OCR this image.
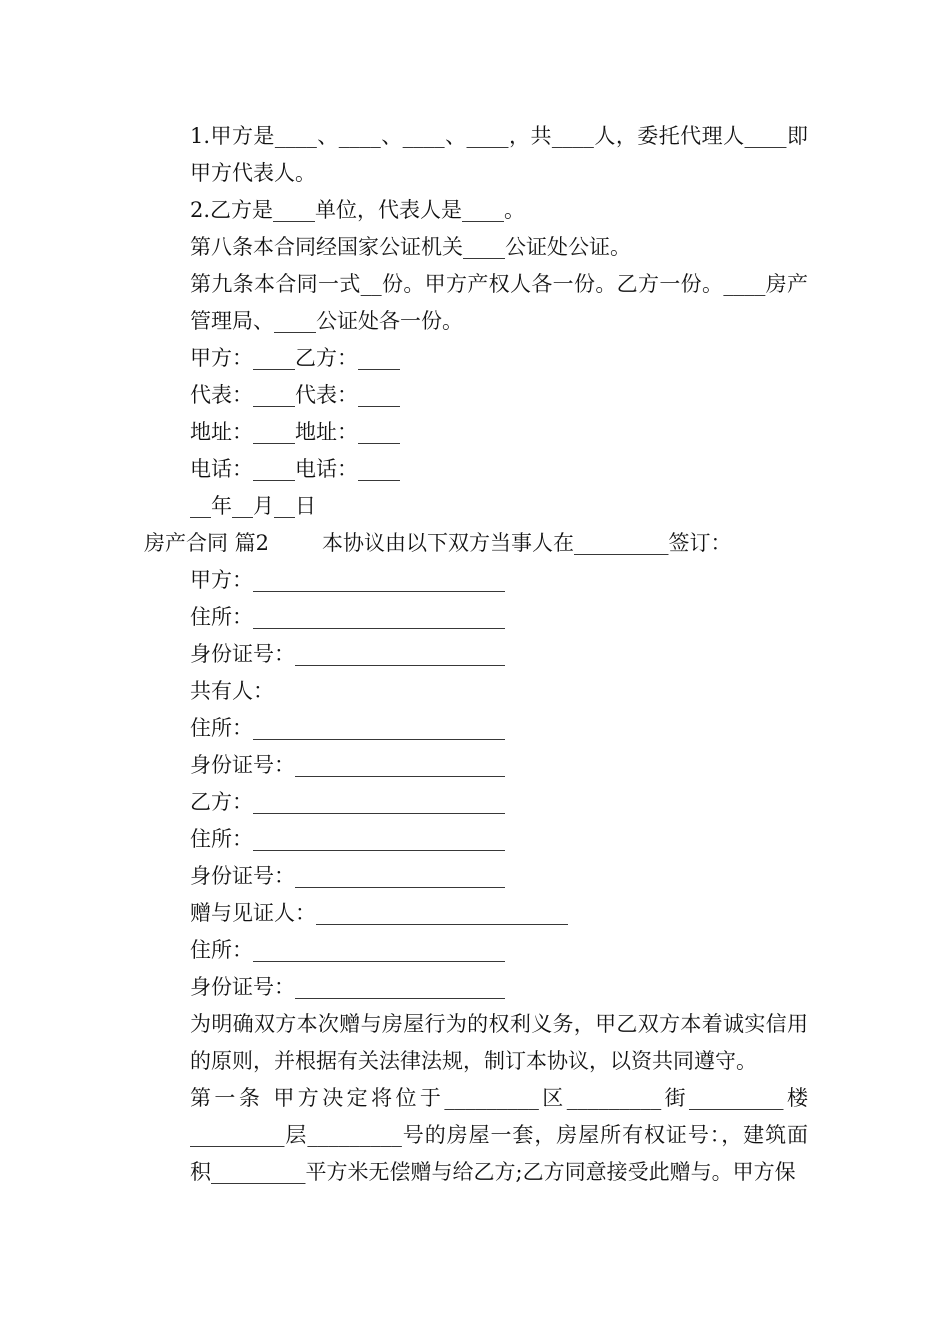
1.甲方是____、____、____、____，共____人，委托代理人____即甲方代表人。

2.乙方是____单位，代表人是____。

第八条本合同经国家公证机关____公证处公证。

第九条本合同一式__份。甲方产权人各一份。乙方一份。____房产管理局、____公证处各一份。

甲方：____乙方：____

代表：____代表：____

地址：____地址：____

电话：____电话：____

__年__月__日

房产合同 篇2	本协议由以下双方当事人在_________签订：

甲方：________________________

住所：________________________

身份证号：____________________

共有人：

住所：________________________

身份证号：____________________

乙方：________________________

住所：________________________

身份证号：____________________

赠与见证人：________________________

住所：________________________

身份证号：____________________

为明确双方本次赠与房屋行为的权利义务，甲乙双方本着诚实信用的原则，并根据有关法律法规，制订本协议，以资共同遵守。

第一条 甲方决定将位于_________区_________街_________楼_________层_________号的房屋一套，房屋所有权证号：，建筑面积_________平方米无偿赠与给乙方;乙方同意接受此赠与。甲方保
